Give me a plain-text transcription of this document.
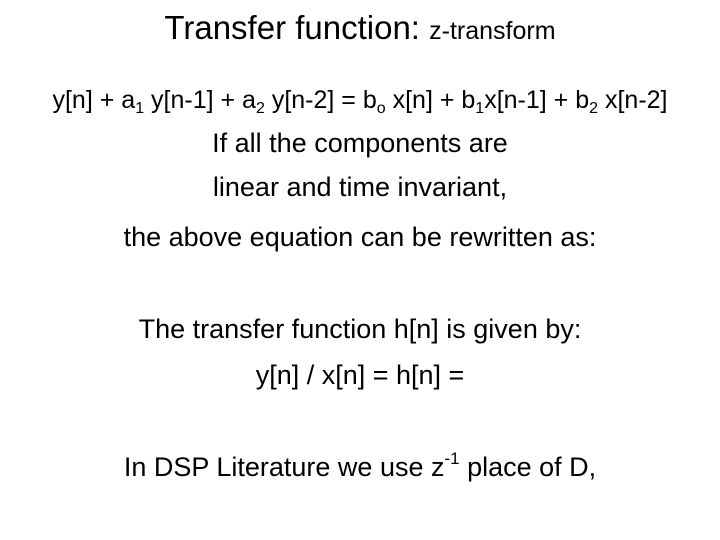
Transfer function: z-transform
$y[n] + a_1$ $y[n-1] + a_2$ $y[n-2] = b_o$ $x[n] + b_1x[n-1] + b_2$ x[n-2]
If all the components are
linear and time invariant,
the above equation can be rewritten as:
The transfer function h[n] is given by:
y[n] / x[n] = h[n] =
In DSP Literature we use $z^{-1}$ place of D,
